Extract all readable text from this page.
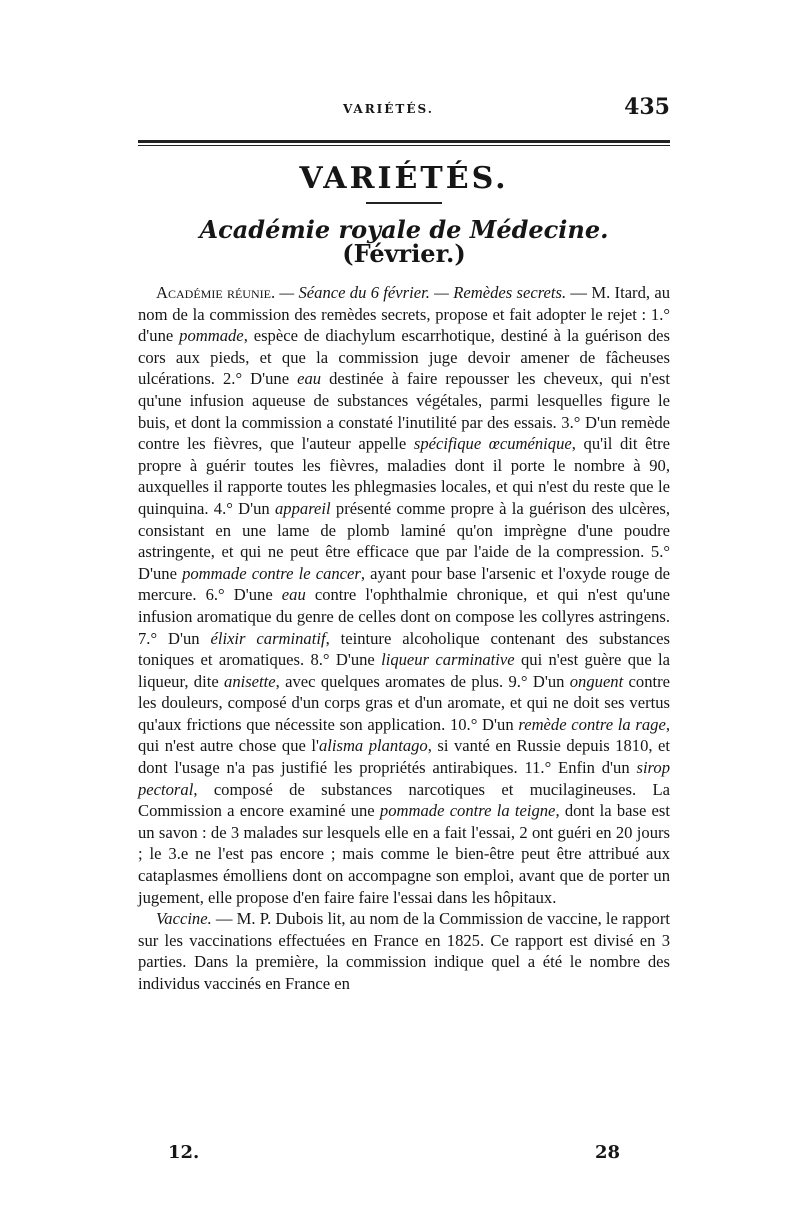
VARIÉTÉS.	435
VARIÉTÉS.
Académie royale de Médecine. (Février.)

Académie réunie. — Séance du 6 février. — Remèdes secrets. — M. Itard, au nom de la commission des remèdes secrets, propose et fait adopter le rejet : 1.° d'une pommade, espèce de diachylum escarrhotique, destiné à la guérison des cors aux pieds, et que la commission juge devoir amener de fâcheuses ulcérations. 2.° D'une eau destinée à faire repousser les cheveux, qui n'est qu'une infusion aqueuse de substances végétales, parmi lesquelles figure le buis, et dont la commission a constaté l'inutilité par des essais. 3.° D'un remède contre les fièvres, que l'auteur appelle spécifique œcuménique, qu'il dit être propre à guérir toutes les fièvres, maladies dont il porte le nombre à 90, auxquelles il rapporte toutes les phlegmasies locales, et qui n'est du reste que le quinquina. 4.° D'un appareil présenté comme propre à la guérison des ulcères, consistant en une lame de plomb laminé qu'on imprègne d'une poudre astringente, et qui ne peut être efficace que par l'aide de la compression. 5.° D'une pommade contre le cancer, ayant pour base l'arsenic et l'oxyde rouge de mercure. 6.° D'une eau contre l'ophthalmie chronique, et qui n'est qu'une infusion aromatique du genre de celles dont on compose les collyres astringens. 7.° D'un élixir carminatif, teinture alcoholique contenant des substances toniques et aromatiques. 8.° D'une liqueur carminative qui n'est guère que la liqueur, dite anisette, avec quelques aromates de plus. 9.° D'un onguent contre les douleurs, composé d'un corps gras et d'un aromate, et qui ne doit ses vertus qu'aux frictions que nécessite son application. 10.° D'un remède contre la rage, qui n'est autre chose que l'alisma plantago, si vanté en Russie depuis 1810, et dont l'usage n'a pas justifié les propriétés antirabiques. 11.° Enfin d'un sirop pectoral, composé de substances narcotiques et mucilagineuses. La Commission a encore examiné une pommade contre la teigne, dont la base est un savon : de 3 malades sur lesquels elle en a fait l'essai, 2 ont guéri en 20 jours ; le 3.e ne l'est pas encore ; mais comme le bien-être peut être attribué aux cataplasmes émolliens dont on accompagne son emploi, avant que de porter un jugement, elle propose d'en faire faire l'essai dans les hôpitaux.

Vaccine. — M. P. Dubois lit, au nom de la Commission de vaccine, le rapport sur les vaccinations effectuées en France en 1825. Ce rapport est divisé en 3 parties. Dans la première, la commission indique quel a été le nombre des individus vaccinés en France en

12.	28
